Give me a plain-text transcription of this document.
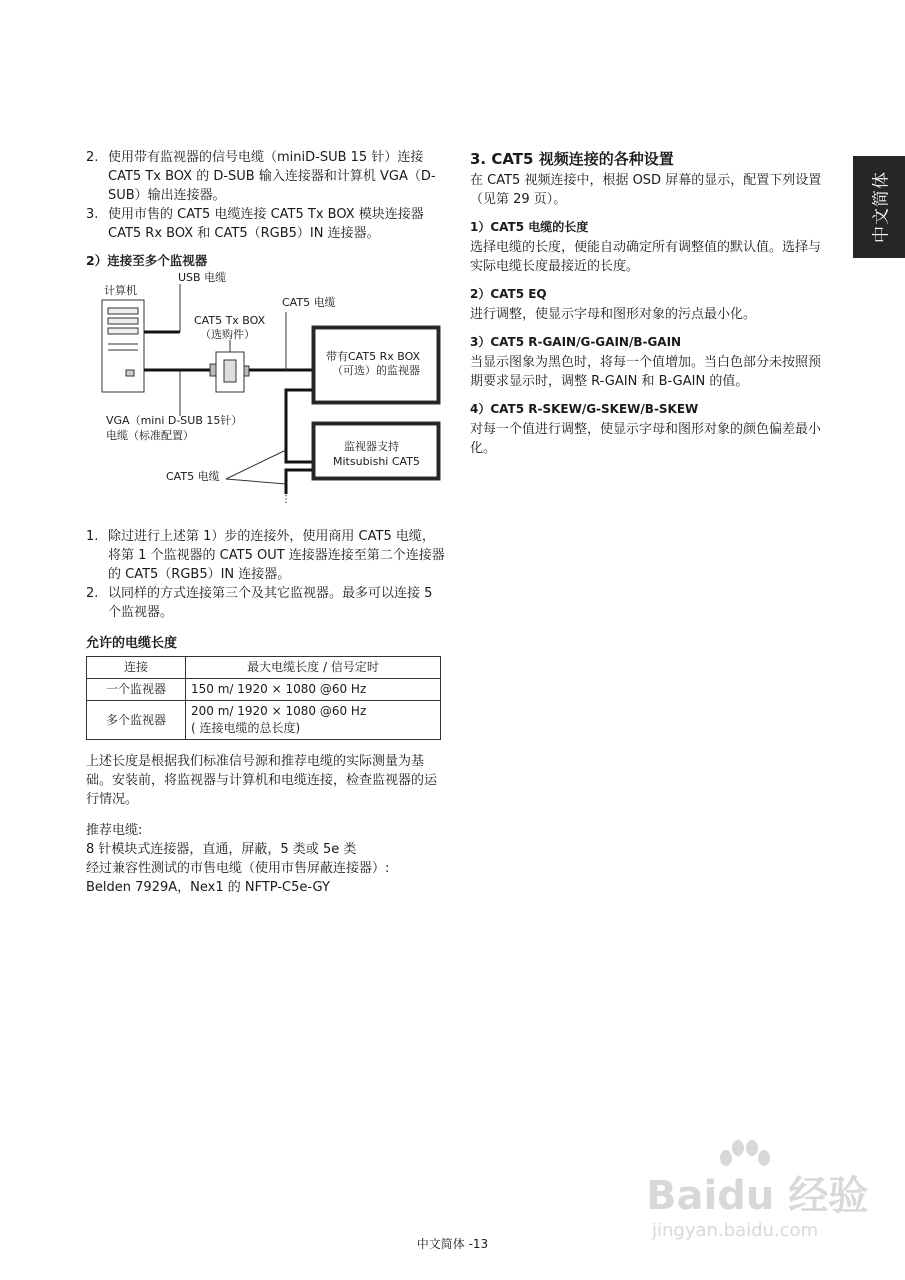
2. 使用带有监视器的信号电缆（miniD-SUB 15 针）连接 CAT5 Tx BOX 的 D-SUB 输入连接器和计算机 VGA（D-SUB）输出连接器。
3. 使用市售的 CAT5 电缆连接 CAT5 Tx BOX 模块连接器 CAT5 Rx BOX 和 CAT5（RGB5）IN 连接器。
2）连接至多个监视器
计算机
USB 电缆
CAT5 Tx BOX
（选购件）
CAT5 电缆
带有CAT5 Rx BOX
（可选）的监视器
VGA（mini D-SUB 15针）
电缆（标准配置）
监视器支持
Mitsubishi CAT5
CAT5 电缆
⋮
1. 除过进行上述第 1）步的连接外，使用商用 CAT5 电缆，将第 1 个监视器的 CAT5 OUT 连接器连接至第二个连接器的 CAT5（RGB5）IN 连接器。
2. 以同样的方式连接第三个及其它监视器。最多可以连接 5 个监视器。
允许的电缆长度
连接	最大电缆长度 / 信号定时
一个监视器	150 m/ 1920 × 1080 @60 Hz

多个监视器	200 m/ 1920 × 1080 @60 Hz
( 连接电缆的总长度)

上述长度是根据我们标准信号源和推荐电缆的实际测量为基础。安装前，将监视器与计算机和电缆连接，检查监视器的运行情况。

推荐电缆:
8 针模块式连接器，直通，屏蔽，5 类或 5e 类
经过兼容性测试的市售电缆（使用市售屏蔽连接器）:
Belden 7929A，Nex1 的 NFTP-C5e-GY
3. CAT5 视频连接的各种设置

在 CAT5 视频连接中，根据 OSD 屏幕的显示，配置下列设置（见第 29 页）。

1）CAT5 电缆的长度

选择电缆的长度，便能自动确定所有调整值的默认值。选择与实际电缆长度最接近的长度。

2）CAT5 EQ

进行调整，使显示字母和图形对象的污点最小化。

3）CAT5 R-GAIN/G-GAIN/B-GAIN

当显示图象为黑色时，将每一个值增加。当白色部分未按照预期要求显示时，调整 R-GAIN 和 B-GAIN 的值。

4）CAT5 R-SKEW/G-SKEW/B-SKEW

对每一个值进行调整，使显示字母和图形对象的颜色偏差最小化。

中文简体
Baidu 经验
jingyan.baidu.com
中文简体 -13
